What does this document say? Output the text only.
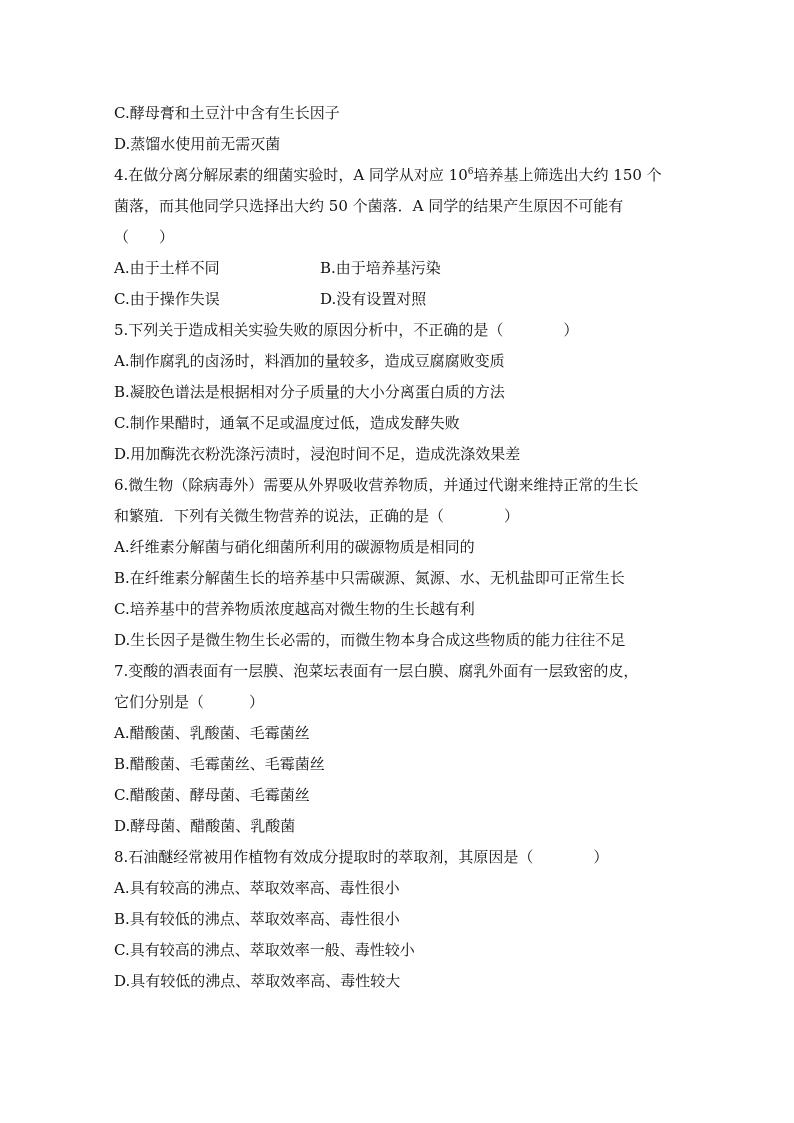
C.酵母膏和土豆汁中含有生长因子
D.蒸馏水使用前无需灭菌
4.在做分离分解尿素的细菌实验时，A 同学从对应 $10^6$培养基上筛选出大约 150 个
菌落，而其他同学只选择出大约 50 个菌落．A 同学的结果产生原因不可能有
（　　）
A.由于土样不同	B.由于培养基污染
C.由于操作失误	D.没有设置对照
5.下列关于造成相关实验失败的原因分析中，不正确的是（　　　　）
A.制作腐乳的卤汤时，料酒加的量较多，造成豆腐腐败变质
B.凝胶色谱法是根据相对分子质量的大小分离蛋白质的方法
C.制作果醋时，通氧不足或温度过低，造成发酵失败
D.用加酶洗衣粉洗涤污渍时，浸泡时间不足，造成洗涤效果差
6.微生物（除病毒外）需要从外界吸收营养物质，并通过代谢来维持正常的生长
和繁殖．下列有关微生物营养的说法，正确的是（　　　　）
A.纤维素分解菌与硝化细菌所利用的碳源物质是相同的
B.在纤维素分解菌生长的培养基中只需碳源、氮源、水、无机盐即可正常生长
C.培养基中的营养物质浓度越高对微生物的生长越有利
D.生长因子是微生物生长必需的，而微生物本身合成这些物质的能力往往不足
7.变酸的酒表面有一层膜、泡菜坛表面有一层白膜、腐乳外面有一层致密的皮，
它们分别是（　　　）
A.醋酸菌、乳酸菌、毛霉菌丝
B.醋酸菌、毛霉菌丝、毛霉菌丝
C.醋酸菌、酵母菌、毛霉菌丝
D.酵母菌、醋酸菌、乳酸菌
8.石油醚经常被用作植物有效成分提取时的萃取剂，其原因是（　　　　）
A.具有较高的沸点、萃取效率高、毒性很小
B.具有较低的沸点、萃取效率高、毒性很小
C.具有较高的沸点、萃取效率一般、毒性较小
D.具有较低的沸点、萃取效率高、毒性较大
